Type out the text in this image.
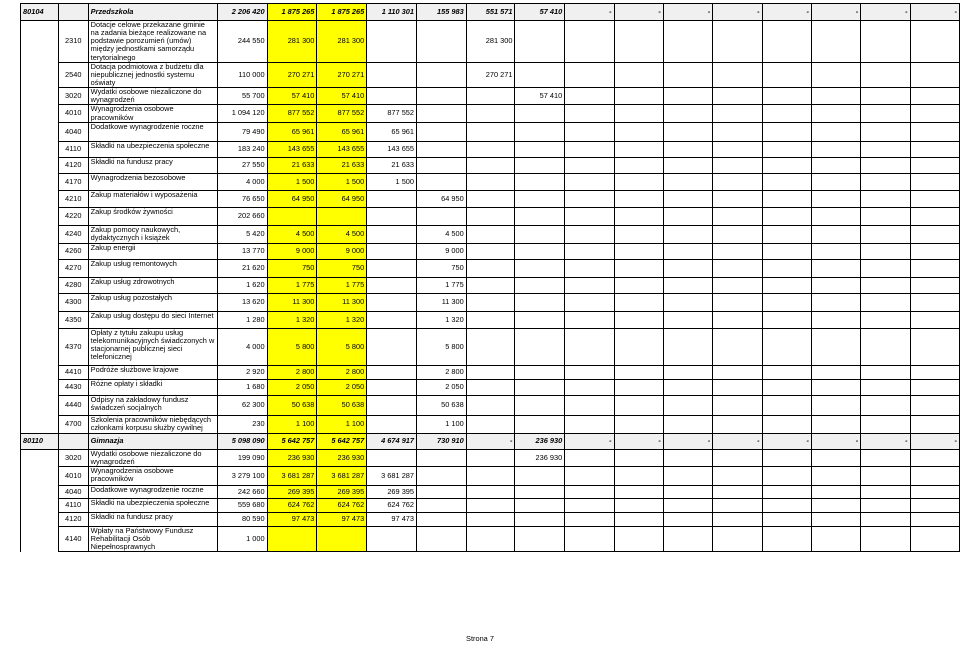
80104		Przedszkola	2 206 420	1 875 265	1 875 265	1 110 301	155 983	551 571	57 410	-	-	-	-	-	-	-	-
	2310	Dotacje celowe przekazane gminie na zadania bieżące realizowane na podstawie porozumień (umów) między jednostkami samorządu terytorialnego	244 550	281 300	281 300			281 300									
	2540	Dotacja podmiotowa z budżetu dla niepublicznej jednostki systemu oświaty	110 000	270 271	270 271			270 271									
	3020	Wydatki osobowe niezaliczone do wynagrodzeń	55 700	57 410	57 410				57 410								
	4010	Wynagrodzenia osobowe pracowników	1 094 120	877 552	877 552	877 552											
	4040	Dodatkowe wynagrodzenie roczne	79 490	65 961	65 961	65 961											
	4110	Składki na ubezpieczenia społeczne	183 240	143 655	143 655	143 655											
	4120	Składki na fundusz pracy	27 550	21 633	21 633	21 633											
	4170	Wynagrodzenia bezosobowe	4 000	1 500	1 500	1 500											
	4210	Zakup materiałów i wyposażenia	76 650	64 950	64 950		64 950										
	4220	Zakup środków żywności	202 660														
	4240	Zakup pomocy naukowych, dydaktycznych i książek	5 420	4 500	4 500		4 500										
	4260	Zakup energii	13 770	9 000	9 000		9 000										
	4270	Zakup usług remontowych	21 620	750	750		750										
	4280	Zakup usług zdrowotnych	1 620	1 775	1 775		1 775										
	4300	Zakup usług pozostałych	13 620	11 300	11 300		11 300										
	4350	Zakup usług dostępu do sieci Internet	1 280	1 320	1 320		1 320										
	4370	Opłaty z tytułu zakupu usług telekomunikacyjnych świadczonych w stacjonarnej publicznej sieci telefonicznej	4 000	5 800	5 800		5 800										
	4410	Podróże służbowe krajowe	2 920	2 800	2 800		2 800										
	4430	Różne opłaty i składki	1 680	2 050	2 050		2 050										
	4440	Odpisy na zakładowy fundusz świadczeń socjalnych	62 300	50 638	50 638		50 638										
	4700	Szkolenia pracowników niebędących członkami korpusu służby cywilnej	230	1 100	1 100		1 100										
80110		Gimnazja	5 098 090	5 642 757	5 642 757	4 674 917	730 910	-	236 930	-	-	-	-	-	-	-	-
	3020	Wydatki osobowe niezaliczone do wynagrodzeń	199 090	236 930	236 930				236 930								
	4010	Wynagrodzenia osobowe pracowników	3 279 100	3 681 287	3 681 287	3 681 287											
	4040	Dodatkowe wynagrodzenie roczne	242 660	269 395	269 395	269 395											
	4110	Składki na ubezpieczenia społeczne	559 680	624 762	624 762	624 762											
	4120	Składki na fundusz pracy	80 590	97 473	97 473	97 473											
	4140	Wpłaty na Państwowy Fundusz Rehabilitacji Osób Niepełnosprawnych	1 000														
Strona 7
